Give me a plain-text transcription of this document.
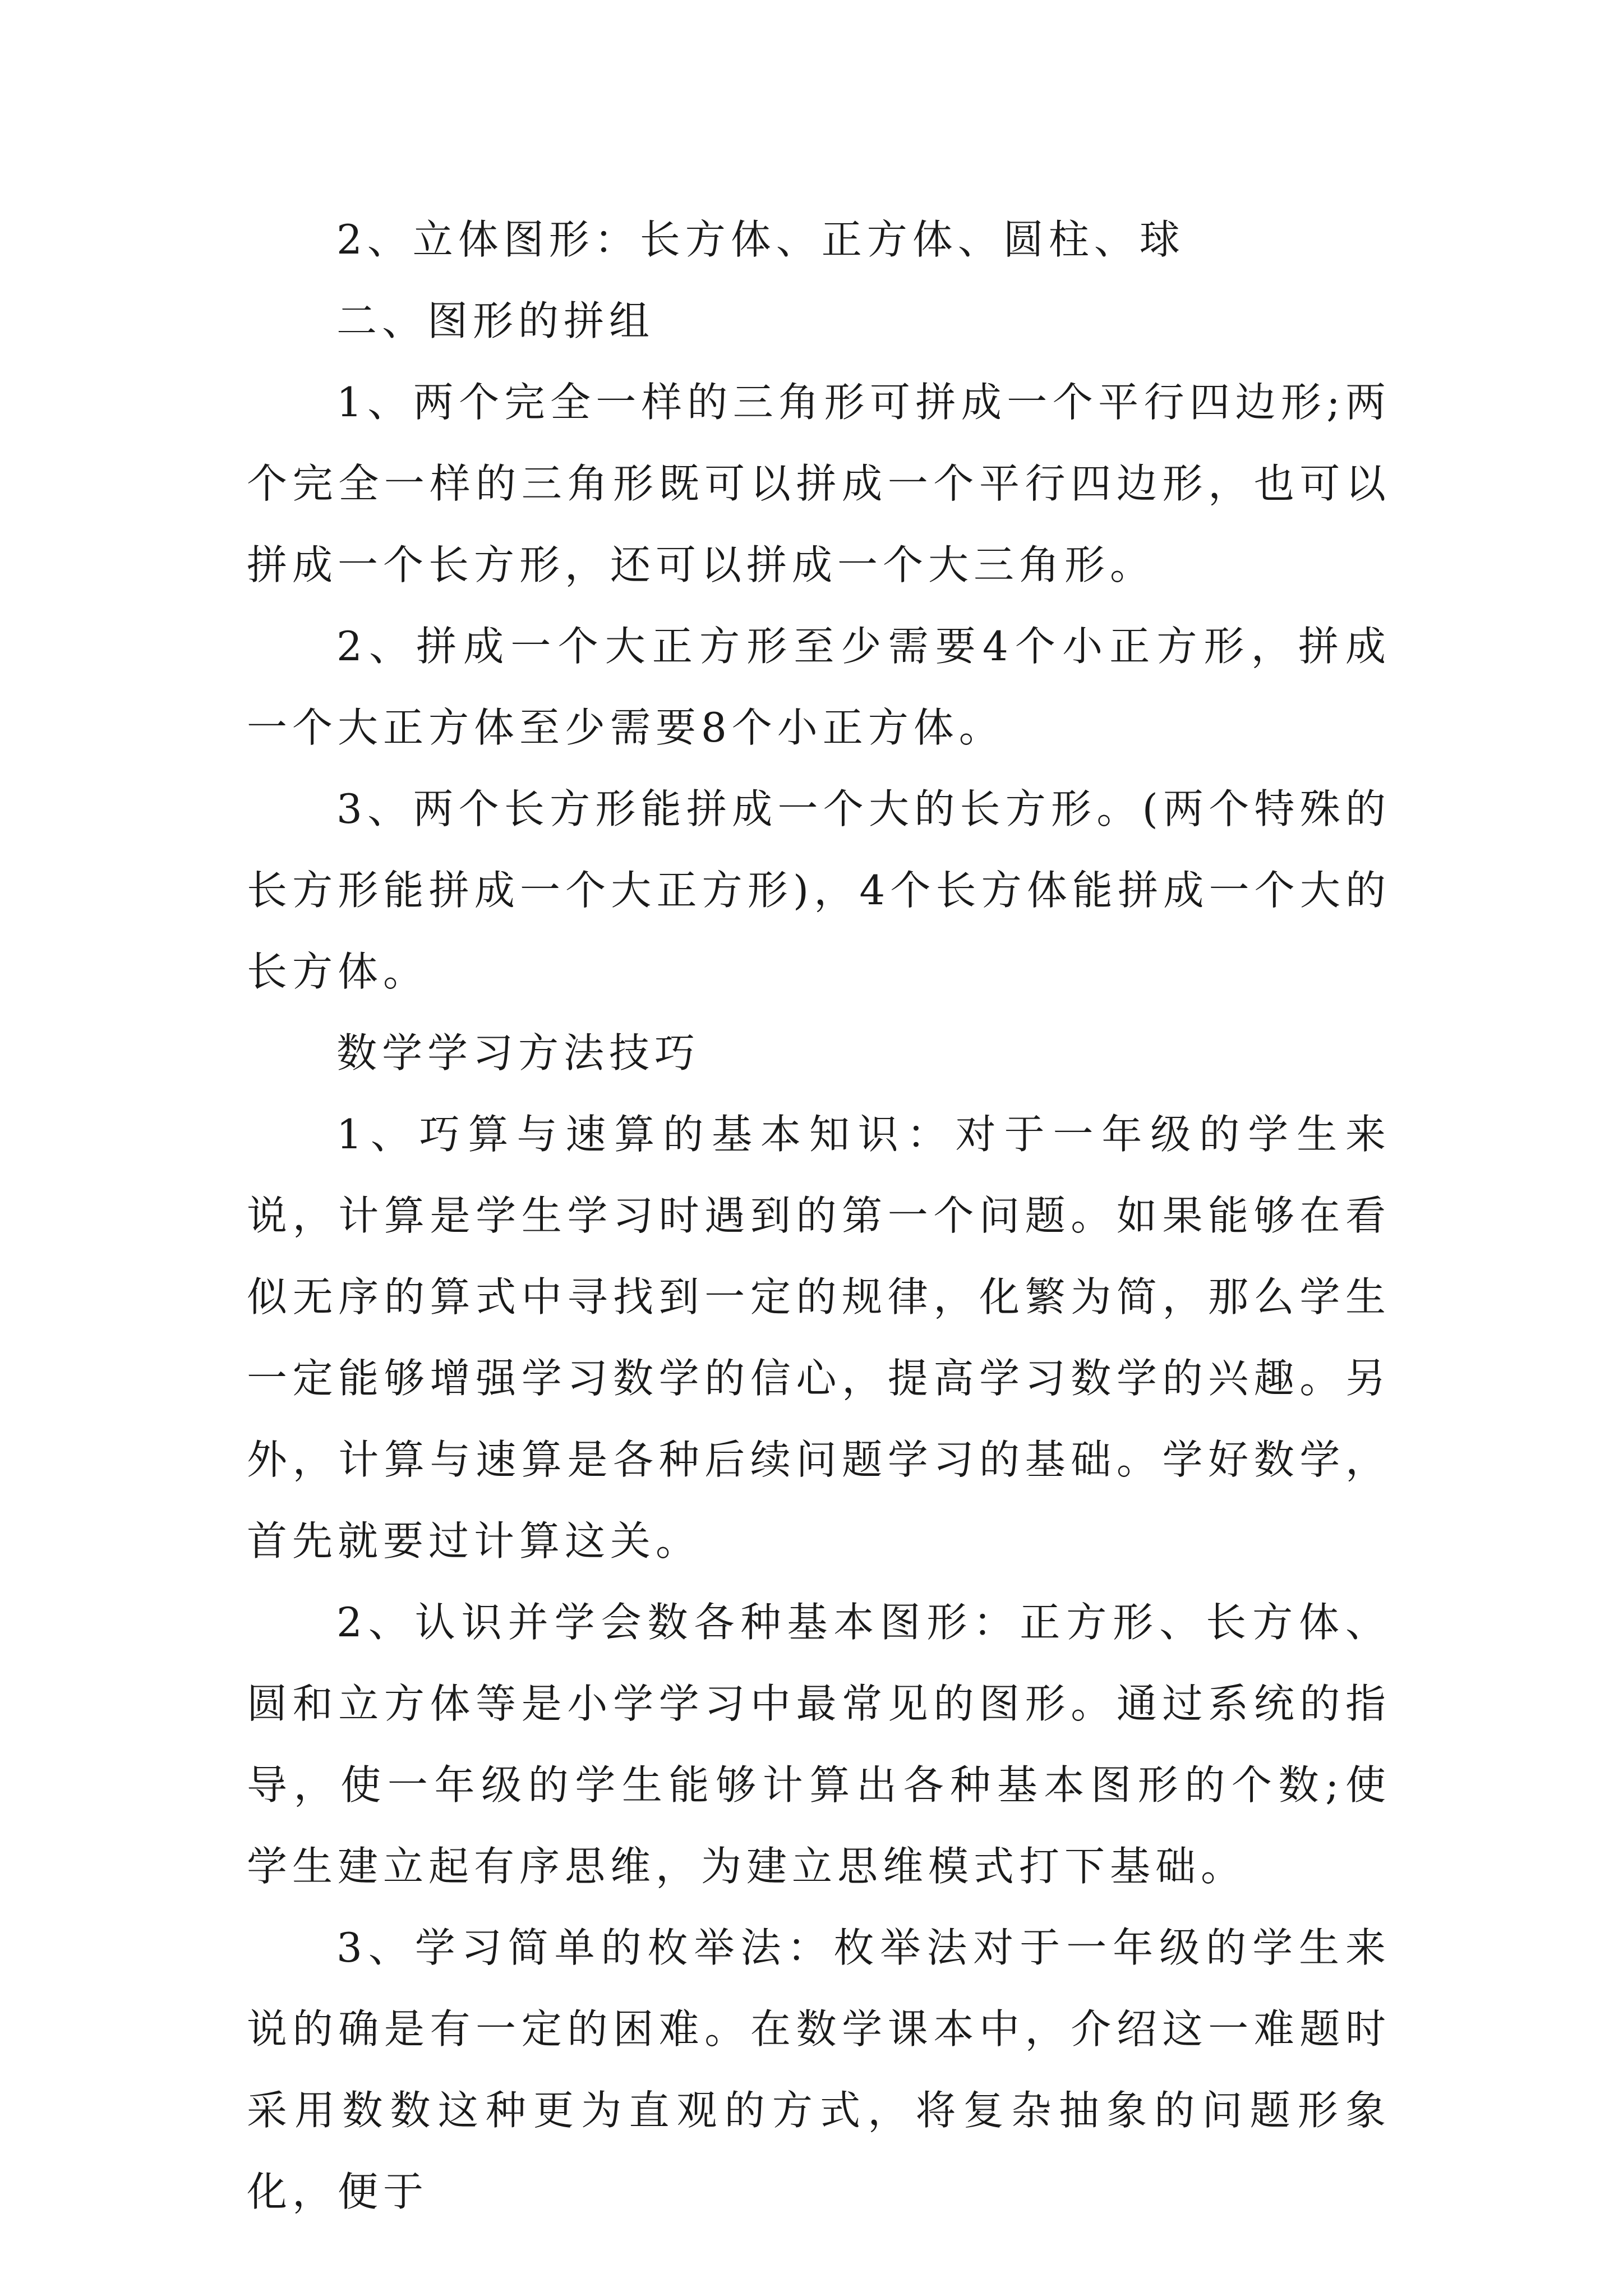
2、立体图形：长方体、正方体、圆柱、球

二、图形的拼组

1、两个完全一样的三角形可拼成一个平行四边形;两个完全一样的三角形既可以拼成一个平行四边形，也可以拼成一个长方形，还可以拼成一个大三角形。

2、拼成一个大正方形至少需要4个小正方形，拼成一个大正方体至少需要8个小正方体。

3、两个长方形能拼成一个大的长方形。(两个特殊的长方形能拼成一个大正方形)，4个长方体能拼成一个大的长方体。

数学学习方法技巧

1、巧算与速算的基本知识：对于一年级的学生来说，计算是学生学习时遇到的第一个问题。如果能够在看似无序的算式中寻找到一定的规律，化繁为简，那么学生一定能够增强学习数学的信心，提高学习数学的兴趣。另外，计算与速算是各种后续问题学习的基础。学好数学，首先就要过计算这关。

2、认识并学会数各种基本图形：正方形、长方体、圆和立方体等是小学学习中最常见的图形。通过系统的指导，使一年级的学生能够计算出各种基本图形的个数;使学生建立起有序思维，为建立思维模式打下基础。

3、学习简单的枚举法：枚举法对于一年级的学生来说的确是有一定的困难。在数学课本中，介绍这一难题时采用数数这种更为直观的方式，将复杂抽象的问题形象化，便于
